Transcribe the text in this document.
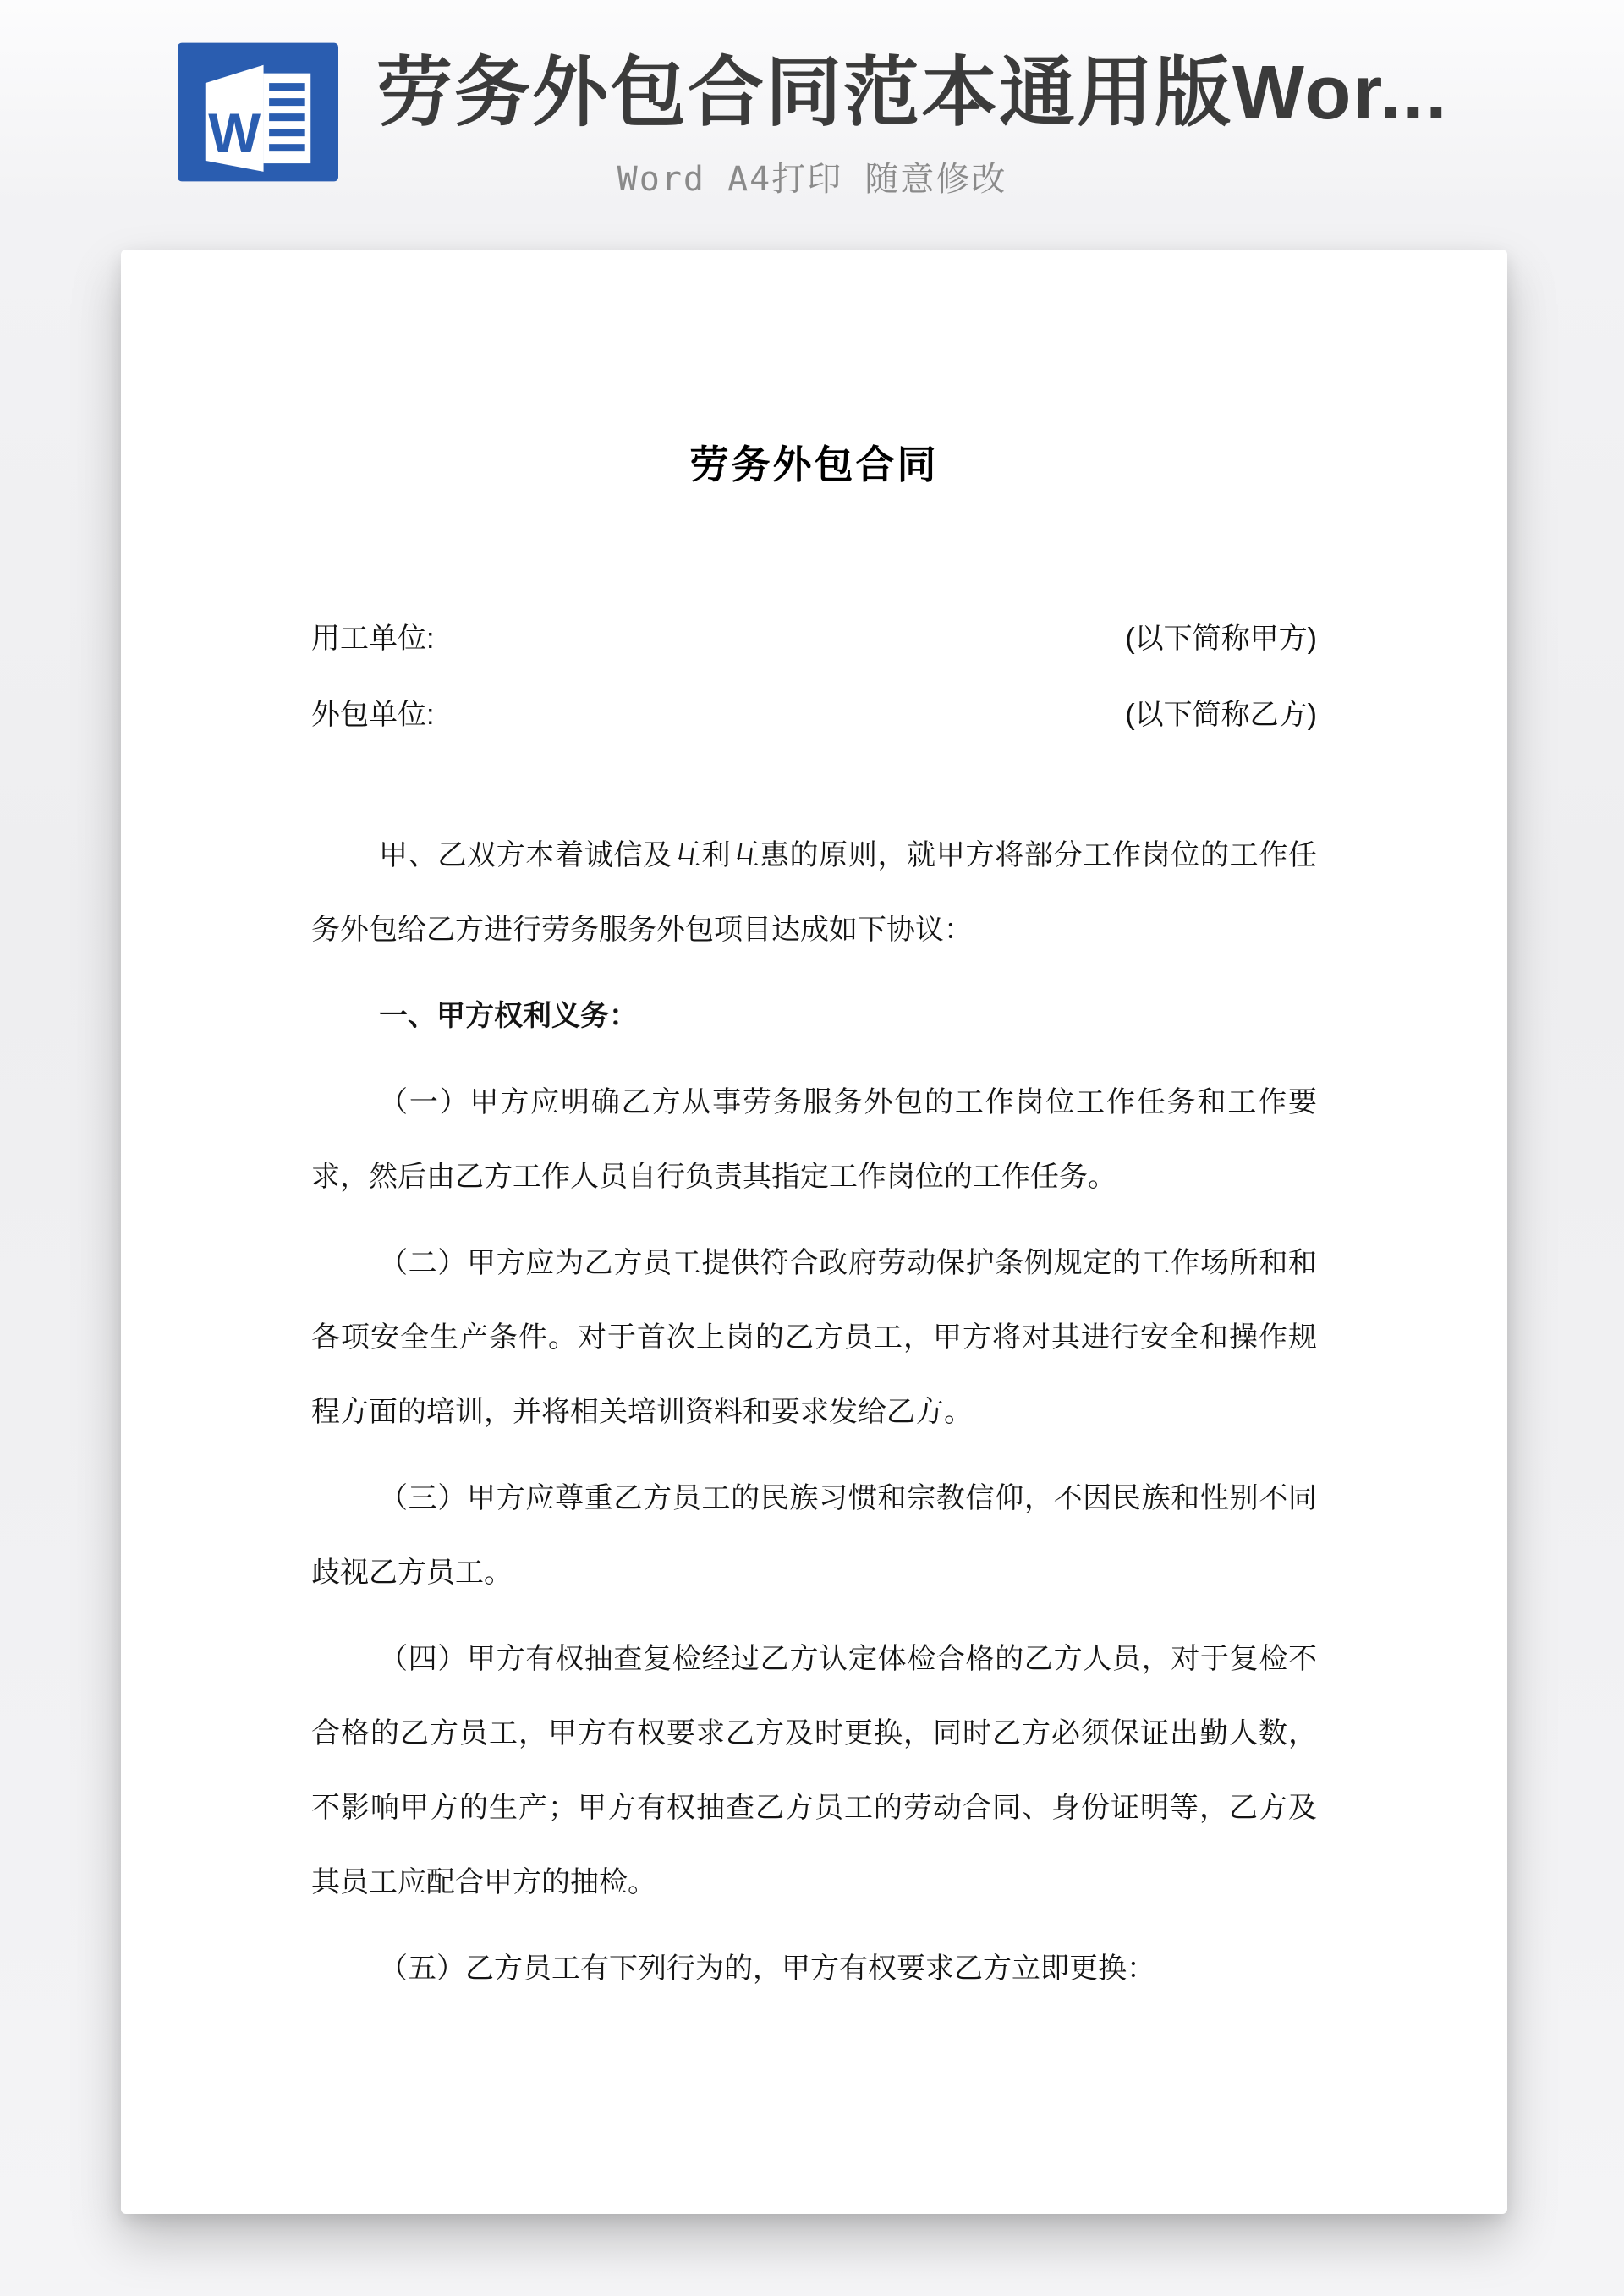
W 劳务外包合同范本通用版Wor...
Word A4打印 随意修改
劳务外包合同
用工单位:	(以下简称甲方)
外包单位:	(以下简称乙方)

甲、乙双方本着诚信及互利互惠的原则，就甲方将部分工作岗位的工作任务外包给乙方进行劳务服务外包项目达成如下协议：

一、甲方权利义务：

（一）甲方应明确乙方从事劳务服务外包的工作岗位工作任务和工作要求，然后由乙方工作人员自行负责其指定工作岗位的工作任务。

（二）甲方应为乙方员工提供符合政府劳动保护条例规定的工作场所和和各项安全生产条件。对于首次上岗的乙方员工，甲方将对其进行安全和操作规程方面的培训，并将相关培训资料和要求发给乙方。

（三）甲方应尊重乙方员工的民族习惯和宗教信仰，不因民族和性别不同歧视乙方员工。

（四）甲方有权抽查复检经过乙方认定体检合格的乙方人员，对于复检不合格的乙方员工，甲方有权要求乙方及时更换，同时乙方必须保证出勤人数，不影响甲方的生产；甲方有权抽查乙方员工的劳动合同、身份证明等，乙方及其员工应配合甲方的抽检。

（五）乙方员工有下列行为的，甲方有权要求乙方立即更换：
